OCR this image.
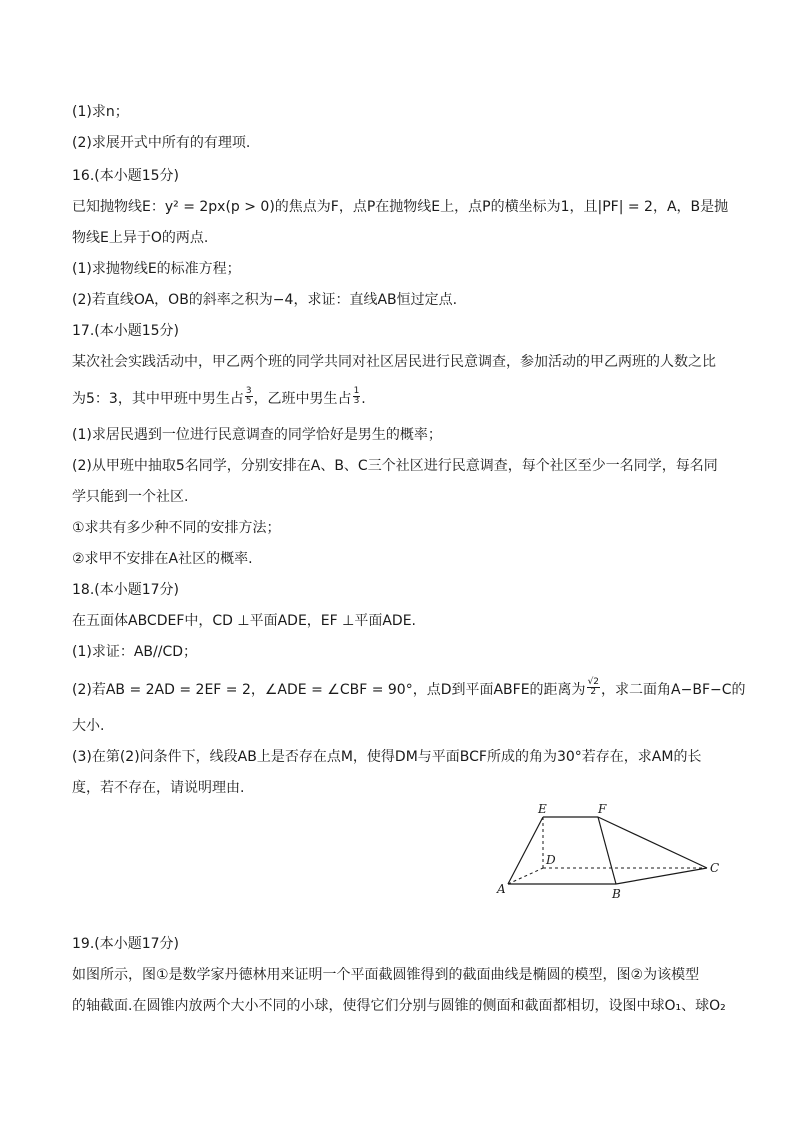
(1)求n；
(2)求展开式中所有的有理项.
16.(本小题15分)
已知抛物线E：y² = 2px(p > 0)的焦点为F，点P在抛物线E上，点P的横坐标为1，且|PF| = 2，A，B是抛
物线E上异于O的两点.
(1)求抛物线E的标准方程；
(2)若直线OA，OB的斜率之积为−4，求证：直线AB恒过定点.
17.(本小题15分)
某次社会实践活动中，甲乙两个班的同学共同对社区居民进行民意调查，参加活动的甲乙两班的人数之比
为5：3，其中甲班中男生占 $\frac{3}{5}$ ，乙班中男生占 $\frac{1}{3}$ .
(1)求居民遇到一位进行民意调查的同学恰好是男生的概率；
(2)从甲班中抽取5名同学，分别安排在A、B、C三个社区进行民意调查，每个社区至少一名同学，每名同
学只能到一个社区.
①求共有多少种不同的安排方法；
②求甲不安排在A社区的概率.
18.(本小题17分)
在五面体ABCDEF中，CD ⊥平面ADE，EF ⊥平面ADE.
(1)求证：AB//CD；
(2)若AB = 2AD = 2EF = 2，∠ADE = ∠CBF = 90°，点D到平面ABFE的距离为 $\frac{√2}{2}$ ，求二面角A−BF−C的
大小.
(3)在第(2)问条件下，线段AB上是否存在点M，使得DM与平面BCF所成的角为30°若存在，求AM的长
度，若不存在，请说明理由.
E	F
D
A	B
C
19.(本小题17分)
如图所示，图①是数学家丹德林用来证明一个平面截圆锥得到的截面曲线是椭圆的模型，图②为该模型
的轴截面.在圆锥内放两个大小不同的小球，使得它们分别与圆锥的侧面和截面都相切，设图中球O₁、球O₂
